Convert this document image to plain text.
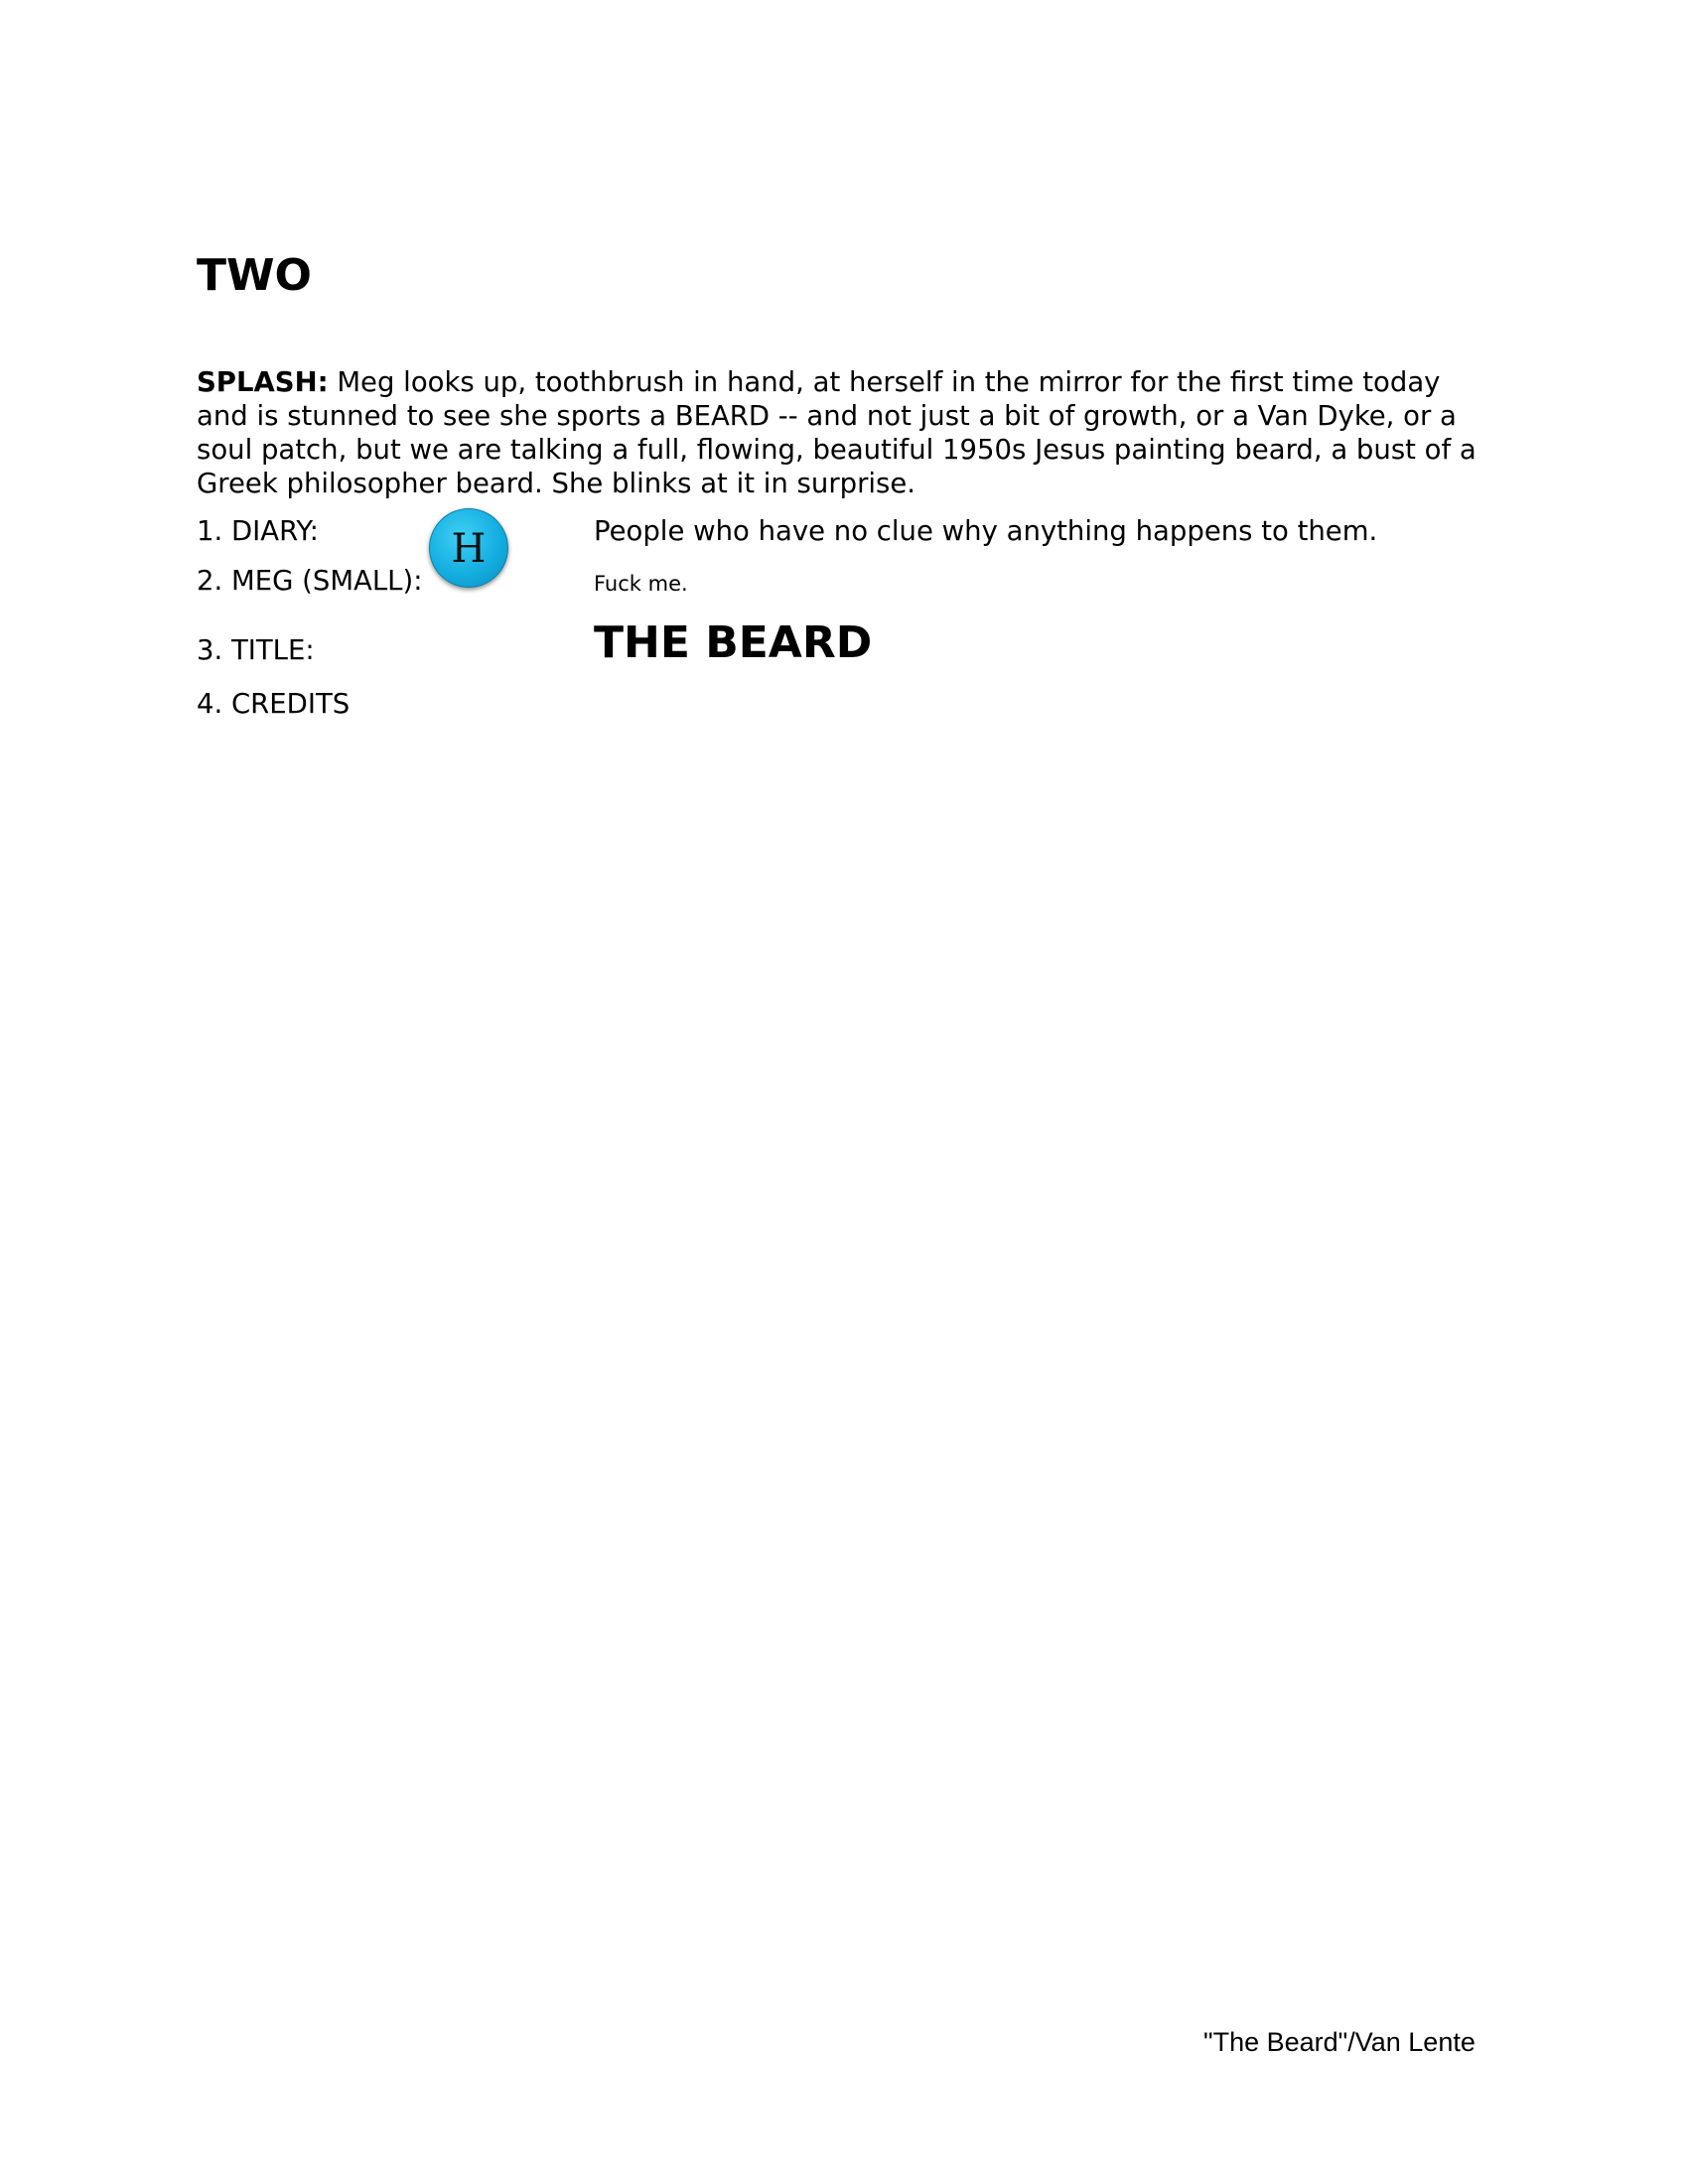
TWO

SPLASH: Meg looks up, toothbrush in hand, at herself in the mirror for the first time today and is stunned to see she sports a BEARD -- and not just a bit of growth, or a Van Dyke, or a soul patch, but we are talking a full, flowing, beautiful 1950s Jesus painting beard, a bust of a Greek philosopher beard. She blinks at it in surprise.

1. DIARY:	People who have no clue why anything happens to them.
2. MEG (SMALL):	Fuck me.
3. TITLE:	THE BEARD
4. CREDITS
H
"The Beard"/Van Lente
